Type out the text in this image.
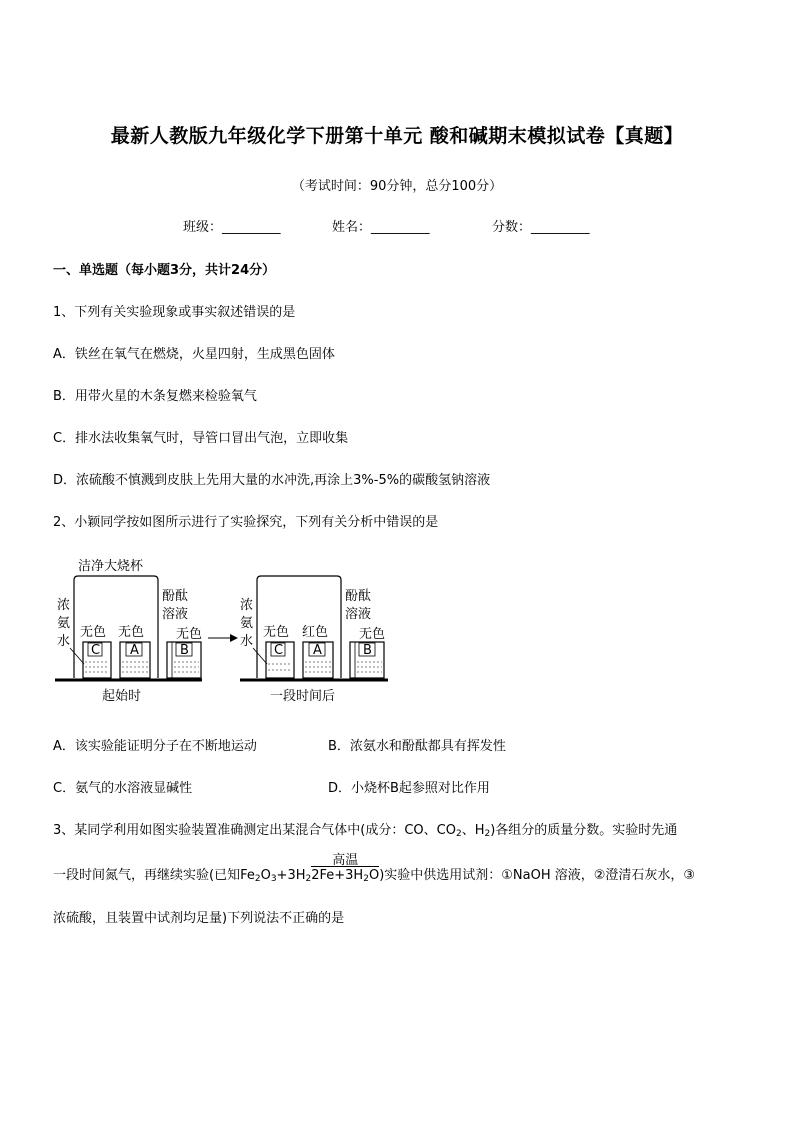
最新人教版九年级化学下册第十单元 酸和碱期末模拟试卷【真题】
（考试时间：90分钟，总分100分）
班级：_________	姓名：_________	分数：_________
一、单选题（每小题3分，共计24分）
1、下列有关实验现象或事实叙述错误的是
A．铁丝在氧气在燃烧，火星四射，生成黑色固体
B．用带火星的木条复燃来检验氧气
C．排水法收集氧气时，导管口冒出气泡，立即收集
D．浓硫酸不慎溅到皮肤上先用大量的水冲洗,再涂上3%-5%的碳酸氢钠溶液
2、小颖同学按如图所示进行了实验探究，下列有关分析中错误的是
洁净大烧杯
浓
氨
水
无色
C
无色
A
酚酞
溶液
无色
B
起始时
浓
氨
水
无色
C
红色
A
酚酞
溶液
无色
B
一段时间后
A．该实验能证明分子在不断地运动	B．浓氨水和酚酞都具有挥发性
C．氨气的水溶液显碱性	D．小烧杯B起参照对比作用
3、某同学利用如图实验装置准确测定出某混合气体中(成分：CO、$CO_2$、$H_2$)各组分的质量分数。实验时先通
一段时间氮气，再继续实验(已知$Fe_2O_3+3H_2$
高温
$2Fe+3H_2O$)实验中供选用试剂：①NaOH 溶液，②澄清石灰水，③
浓硫酸，且装置中试剂均足量)下列说法不正确的是
